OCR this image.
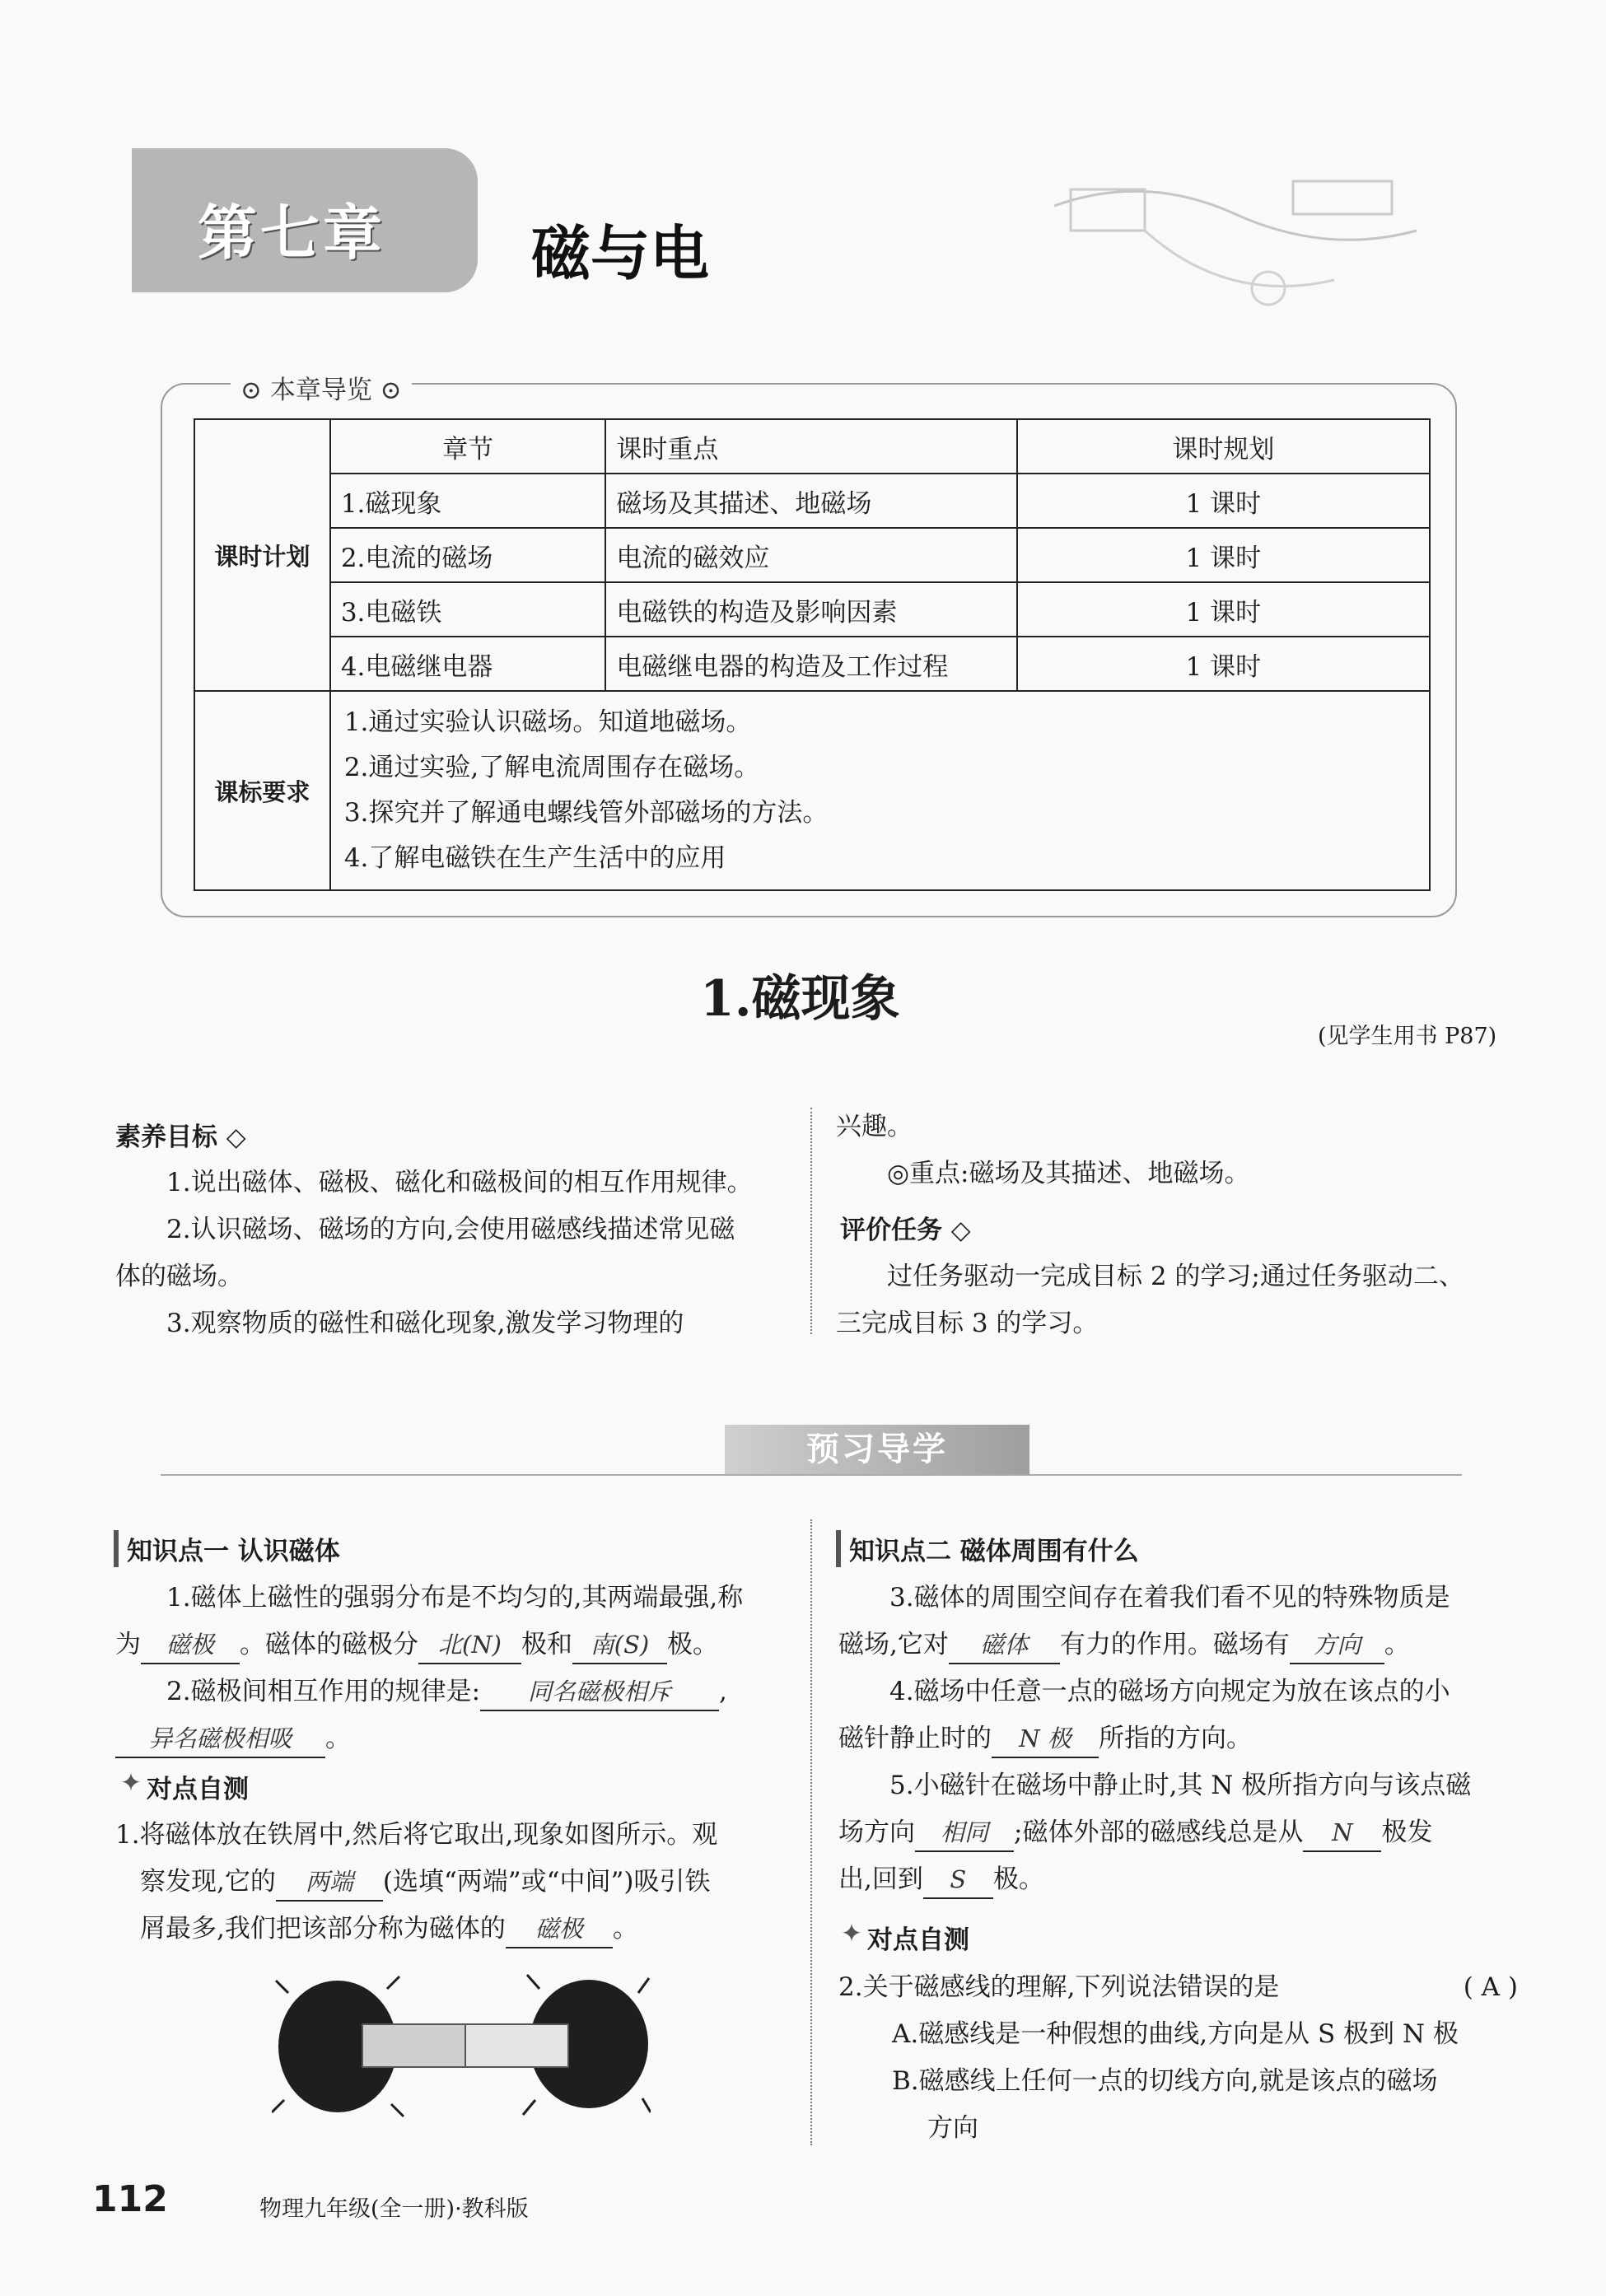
第七章 磁与电
⊙ 本章导览 ⊙
课时计划	章节	课时重点	课时规划
	1.磁现象	磁场及其描述、地磁场	1 课时
	2.电流的磁场	电流的磁效应	1 课时
	3.电磁铁	电磁铁的构造及影响因素	1 课时
	4.电磁继电器	电磁继电器的构造及工作过程	1 课时
课标要求	1.通过实验认识磁场。知道地磁场。
2.通过实验,了解电流周围存在磁场。
3.探究并了解通电螺线管外部磁场的方法。
4.了解电磁铁在生产生活中的应用		
1.磁现象
(见学生用书 P87)
素养目标 ◇
1.说出磁体、磁极、磁化和磁极间的相互作用规律。
2.认识磁场、磁场的方向,会使用磁感线描述常见磁
体的磁场。
3.观察物质的磁性和磁化现象,激发学习物理的
兴趣。
◎重点:磁场及其描述、地磁场。
评价任务 ◇
过任务驱动一完成目标 2 的学习;通过任务驱动二、
三完成目标 3 的学习。
预习导学
知识点一 认识磁体
1.磁体上磁性的强弱分布是不均匀的,其两端最强,称
为 磁极 。磁体的磁极分 北(N) 极和 南(S) 极。
2.磁极间相互作用的规律是: 同名磁极相斥 ,
异名磁极相吸 。
✦ 对点自测
1.将磁体放在铁屑中,然后将它取出,现象如图所示。观
察发现,它的 两端 (选填“两端”或“中间”)吸引铁
屑最多,我们把该部分称为磁体的 磁极 。
知识点二 磁体周围有什么
3.磁体的周围空间存在着我们看不见的特殊物质是
磁场,它对 磁体 有力的作用。磁场有 方向 。
4.磁场中任意一点的磁场方向规定为放在该点的小
磁针静止时的 N 极 所指的方向。
5.小磁针在磁场中静止时,其 N 极所指方向与该点磁
场方向 相同 ;磁体外部的磁感线总是从 N 极发
出,回到 S 极。
✦ 对点自测
2.关于磁感线的理解,下列说法错误的是	( A )
A.磁感线是一种假想的曲线,方向是从 S 极到 N 极
B.磁感线上任何一点的切线方向,就是该点的磁场
方向
112	物理九年级(全一册)·教科版
